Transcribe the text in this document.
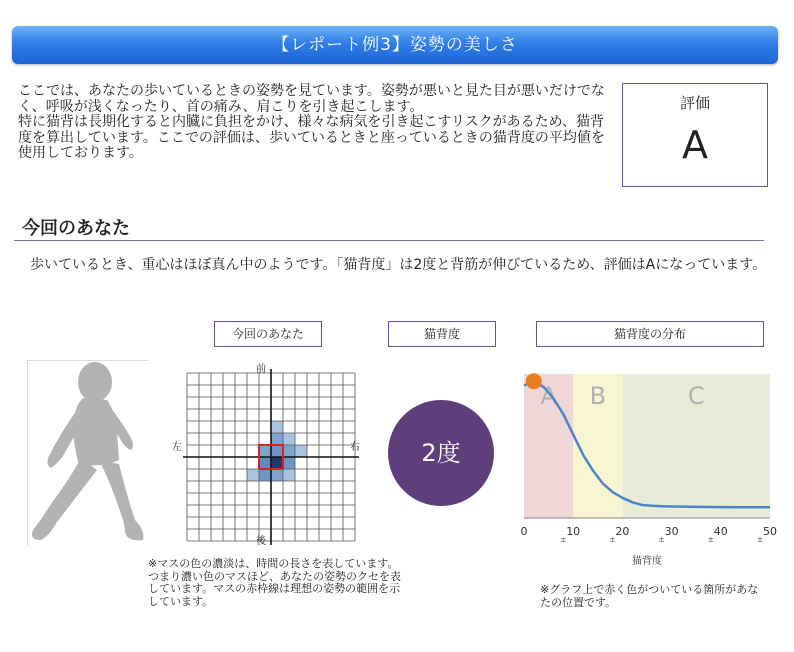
【レポート例3】姿勢の美しさ

ここでは、あなたの歩いているときの姿勢を見ています。姿勢が悪いと見た目が悪いだけでなく、呼吸が浅くなったり、首の痛み、肩こりを引き起こします。

特に猫背は長期化すると内臓に負担をかけ、様々な病気を引き起こすリスクがあるため、猫背度を算出しています。ここでの評価は、歩いているときと座っているときの猫背度の平均値を使用しております。

評価
A
今回のあなた
歩いているとき、重心はほぼ真ん中のようです。「猫背度」は2度と背筋が伸びているため、評価はAになっています。
今回のあなた	猫背度	猫背度の分布
前
後
左	右	2度
A B	C
0	10
±
20
±
30
±
40
±
50
±
猫背度
※マスの色の濃淡は、時間の長さを表しています。つまり濃い色のマスほど、あなたの姿勢のクセを表しています。マスの赤枠線は理想の姿勢の範囲を示しています。
※グラフ上で赤く色がついている箇所があなたの位置です。
